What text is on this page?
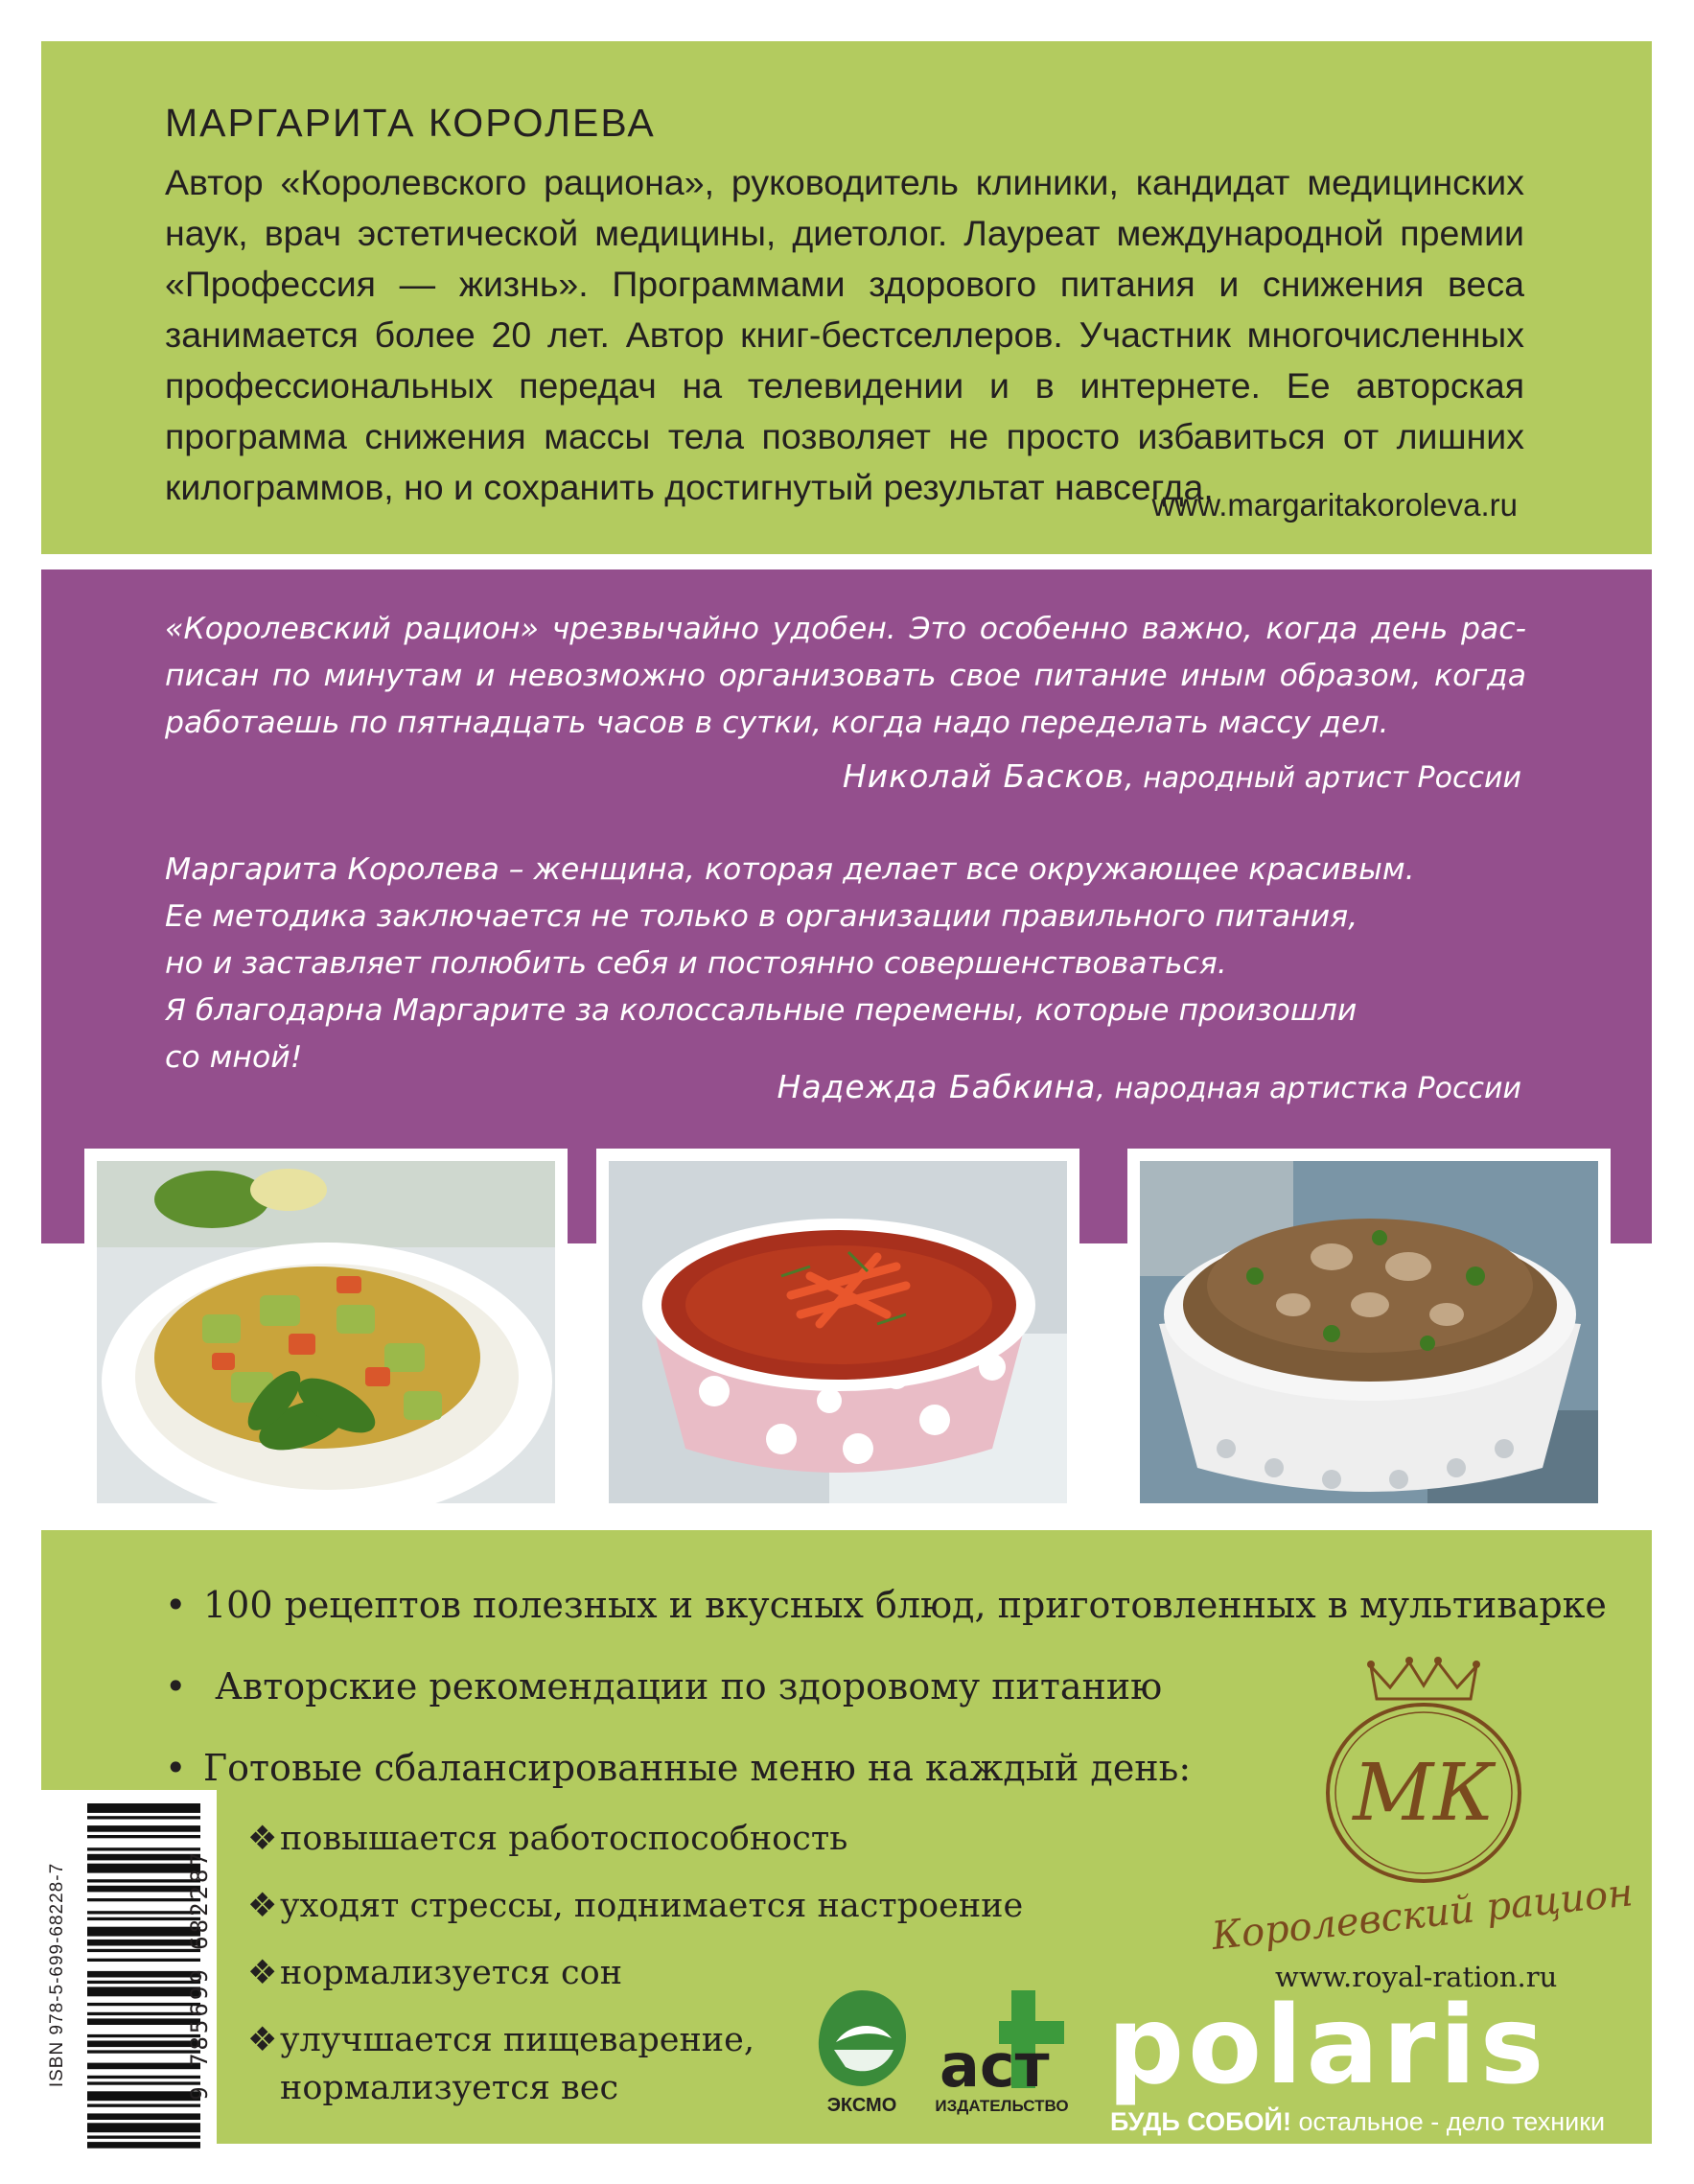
МАРГАРИТА КОРОЛЕВА

Автор «Королевского рациона», руководитель клиники, кандидат медицинских наук, врач эстетической медицины, диетолог. Лауреат международной премии «Профессия — жизнь». Программами здорового питания и снижения веса занимается более 20 лет. Автор книг-бестселлеров. Участник многочисленных профессиональных передач на телевидении и в интернете. Ее авторская программа снижения массы тела позволяет не просто избавиться от лишних килограммов, но и сохранить достигнутый результат навсегда.

www.margaritakoroleva.ru

«Королевский рацион» чрезвычайно удобен. Это особенно важно, когда день расписан по минутам и невозможно организовать свое питание иным образом, когда работаешь по пятнадцать часов в сутки, когда надо переделать массу дел.

Николай Басков, народный артист России
Маргарита Королева – женщина, которая делает все окружающее красивым.
Ее методика заключается не только в организации правильного питания,
но и заставляет полюбить себя и постоянно совершенствоваться.
Я благодарна Маргарите за колоссальные перемены, которые произошли
со мной!
Надежда Бабкина, народная артистка России
• 100 рецептов полезных и вкусных блюд, приготовленных в мультиварке
• Авторские рекомендации по здоровому питанию
• Готовые сбалансированные меню на каждый день:
❖повышается работоспособность
❖уходят стрессы, поднимается настроение
❖нормализуется сон
❖улучшается пищеварение,
нормализуется вес
ISBN 978-5-699-68228-7	9 785699 682287
МК
Королевский рацион
www.royal-ration.ru
ЭКСМО
аст
ИЗДАТЕЛЬСТВО polaris
БУДЬ СОБОЙ! остальное - дело техники
